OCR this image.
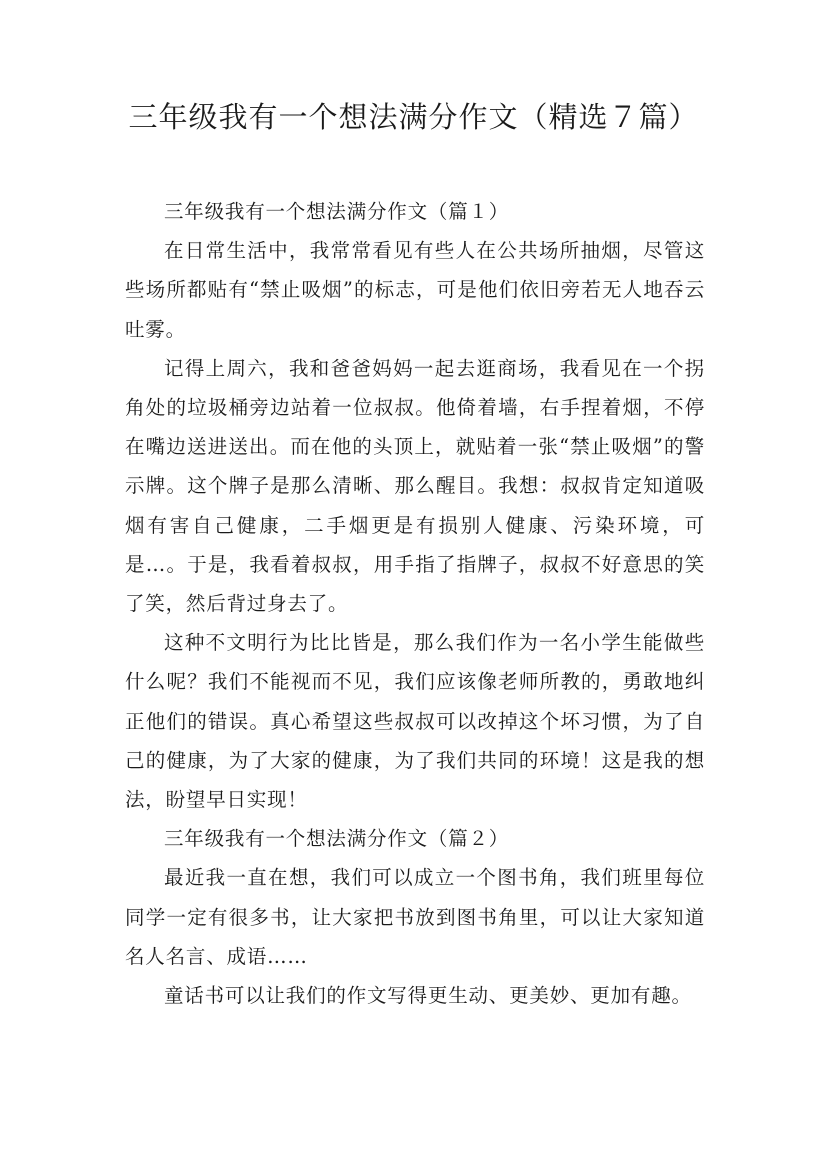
三年级我有一个想法满分作文（精选７篇）

三年级我有一个想法满分作文（篇１）

在日常生活中，我常常看见有些人在公共场所抽烟，尽管这些场所都贴有“禁止吸烟”的标志，可是他们依旧旁若无人地吞云吐雾。

记得上周六，我和爸爸妈妈一起去逛商场，我看见在一个拐角处的垃圾桶旁边站着一位叔叔。他倚着墙，右手捏着烟，不停在嘴边送进送出。而在他的头顶上，就贴着一张“禁止吸烟”的警示牌。这个牌子是那么清晰、那么醒目。我想：叔叔肯定知道吸烟有害自己健康，二手烟更是有损别人健康、污染环境，可是…。于是，我看着叔叔，用手指了指牌子，叔叔不好意思的笑了笑，然后背过身去了。

这种不文明行为比比皆是，那么我们作为一名小学生能做些什么呢？我们不能视而不见，我们应该像老师所教的，勇敢地纠正他们的错误。真心希望这些叔叔可以改掉这个坏习惯，为了自己的健康，为了大家的健康，为了我们共同的环境！这是我的想法，盼望早日实现！

三年级我有一个想法满分作文（篇２）

最近我一直在想，我们可以成立一个图书角，我们班里每位同学一定有很多书，让大家把书放到图书角里，可以让大家知道名人名言、成语……

童话书可以让我们的作文写得更生动、更美妙、更加有趣。
